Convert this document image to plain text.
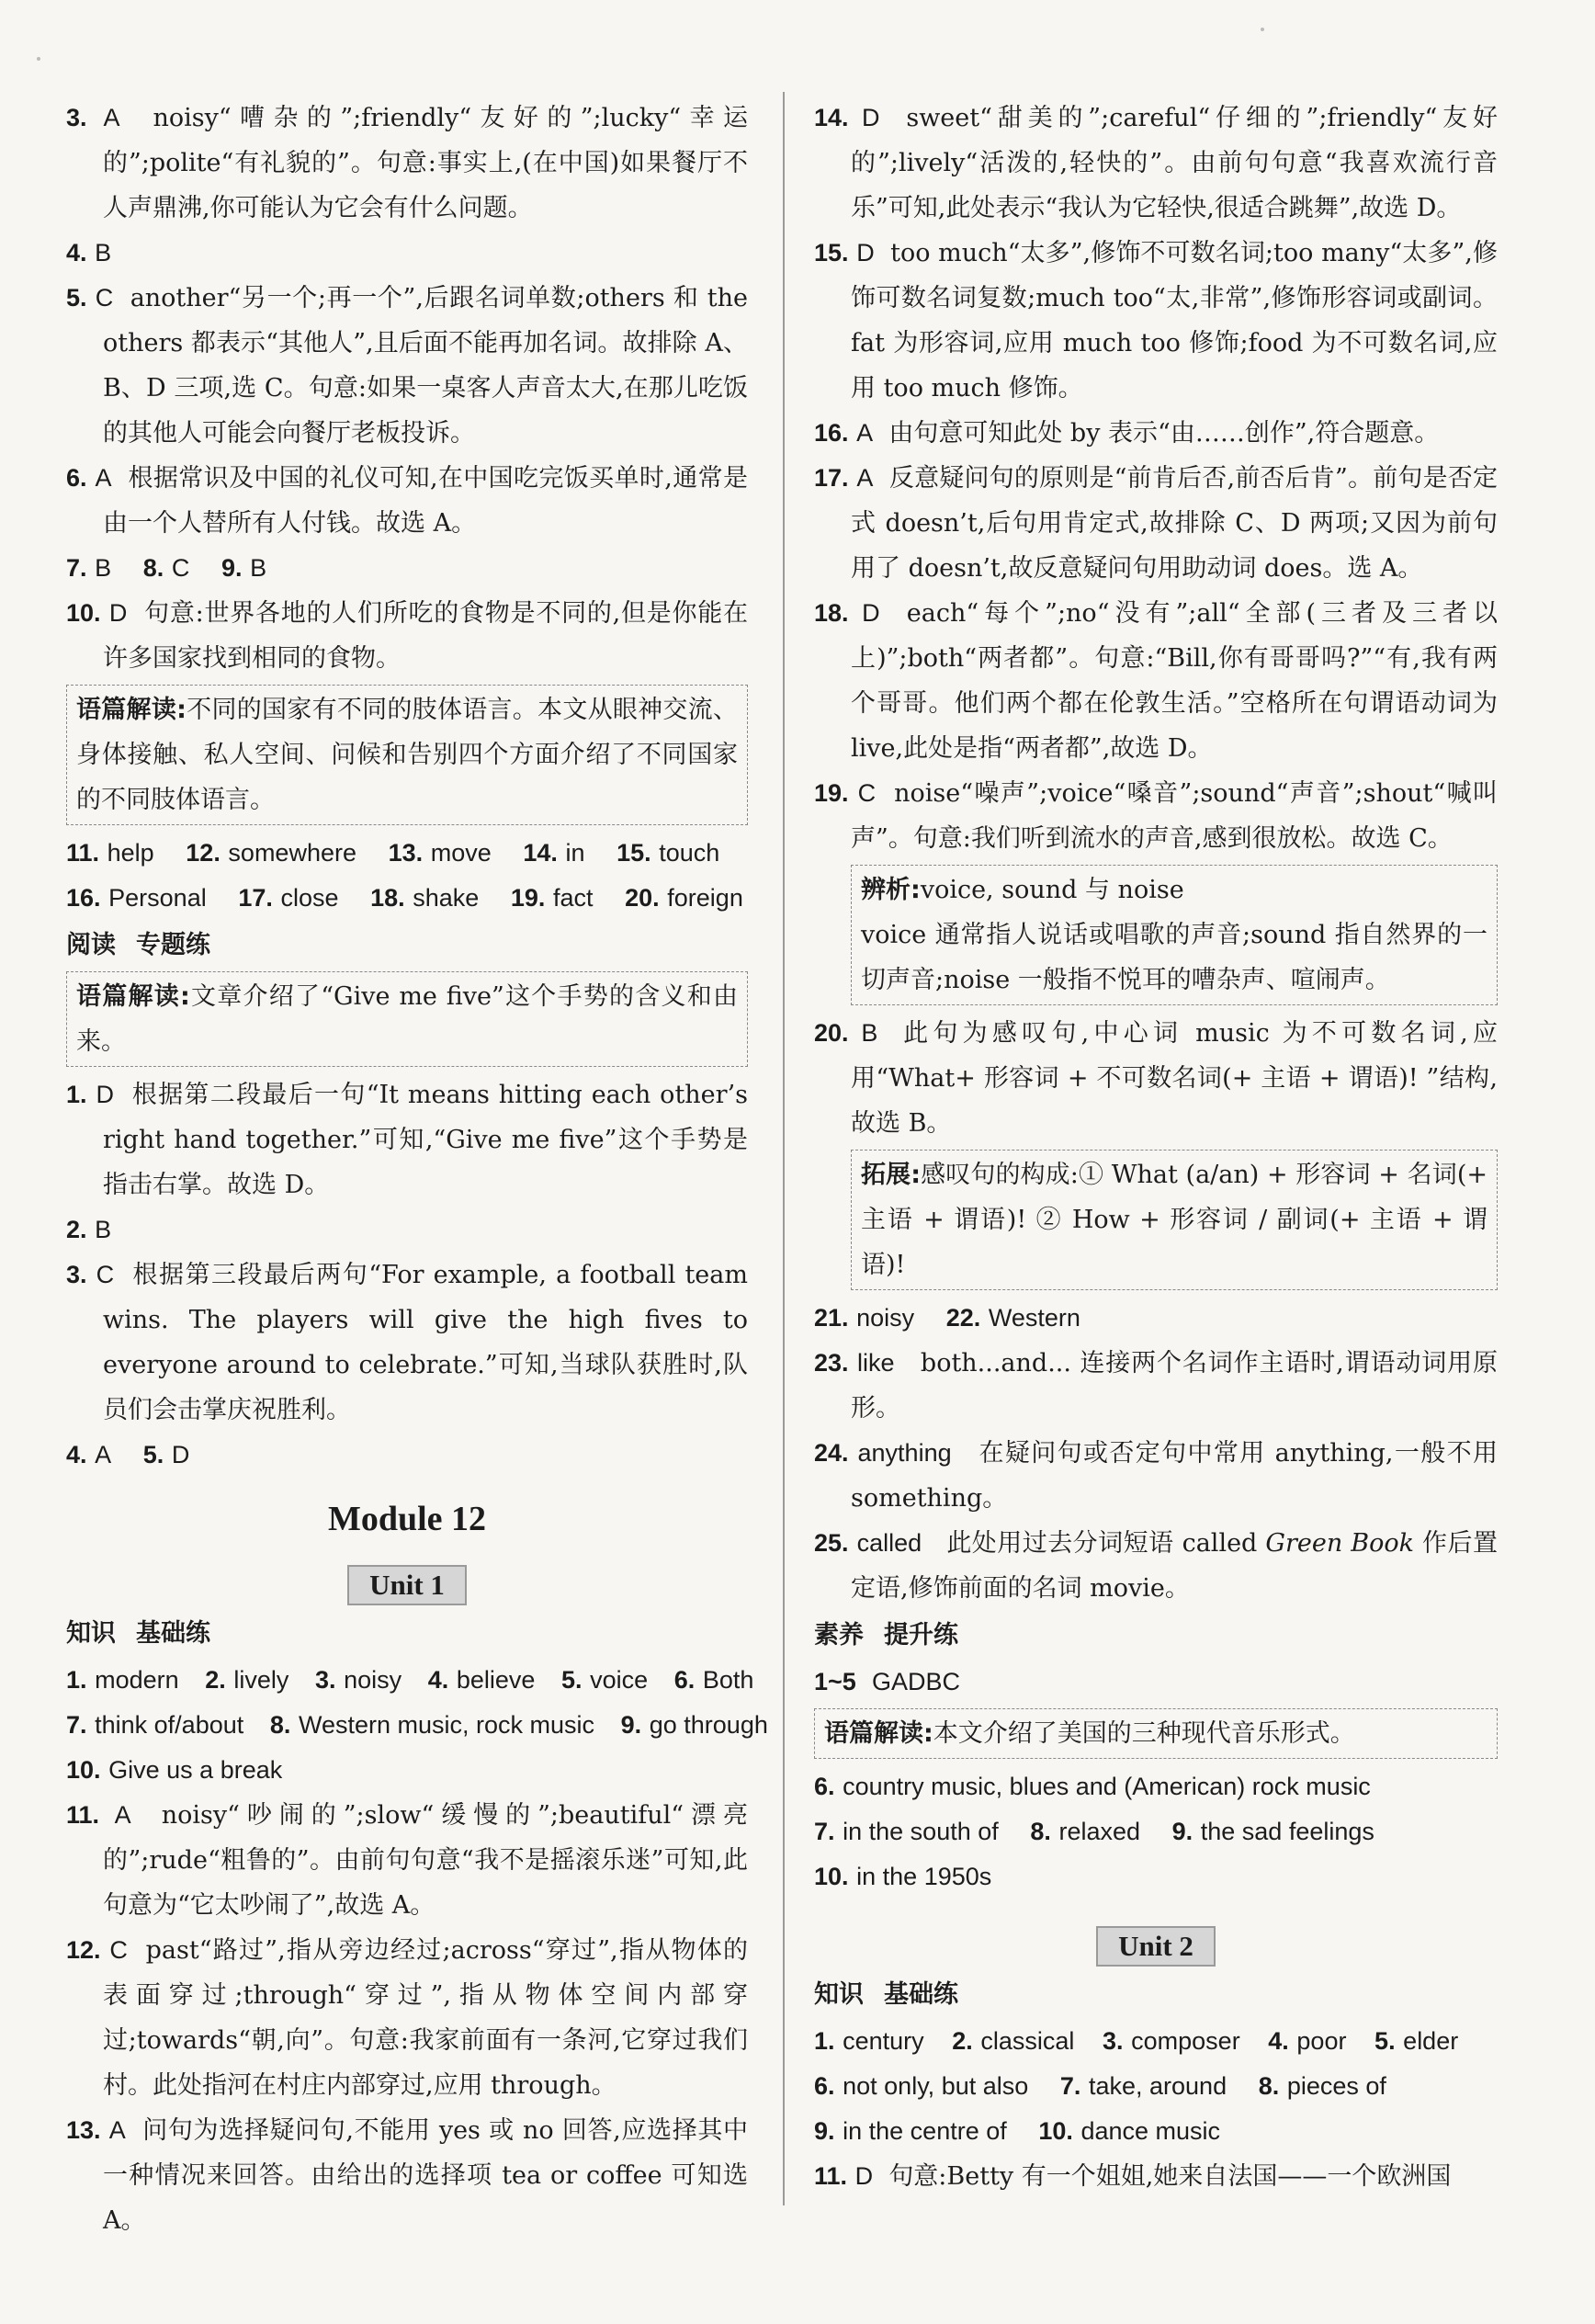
3. A noisy“嘈杂的”;friendly“友好的”;lucky“幸运的”;polite“有礼貌的”。句意:事实上,(在中国)如果餐厅不人声鼎沸,你可能认为它会有什么问题。

4. B

5. C another“另一个;再一个”,后跟名词单数;others 和 the others 都表示“其他人”,且后面不能再加名词。故排除 A、B、D 三项,选 C。句意:如果一桌客人声音太大,在那儿吃饭的其他人可能会向餐厅老板投诉。

6. A 根据常识及中国的礼仪可知,在中国吃完饭买单时,通常是由一个人替所有人付钱。故选 A。

7. B 8. C 9. B

10. D 句意:世界各地的人们所吃的食物是不同的,但是你能在许多国家找到相同的食物。

语篇解读:不同的国家有不同的肢体语言。本文从眼神交流、身体接触、私人空间、问候和告别四个方面介绍了不同国家的不同肢体语言。

11. help 12. somewhere 13. move 14. in 15. touch

16. Personal 17. close 18. shake 19. fact 20. foreign

阅读 专题练

语篇解读:文章介绍了“Give me five”这个手势的含义和由来。

1. D 根据第二段最后一句“It means hitting each other’s right hand together.”可知,“Give me five”这个手势是指击右掌。故选 D。

2. B

3. C 根据第三段最后两句“For example, a football team wins. The players will give the high fives to everyone around to celebrate.”可知,当球队获胜时,队员们会击掌庆祝胜利。

4. A 5. D

Module 12
Unit 1

知识 基础练

1. modern 2. lively 3. noisy 4. believe 5. voice 6. Both

7. think of/about 8. Western music, rock music 9. go through

10. Give us a break

11. A noisy“吵闹的”;slow“缓慢的”;beautiful“漂亮的”;rude“粗鲁的”。由前句句意“我不是摇滚乐迷”可知,此句意为“它太吵闹了”,故选 A。

12. C past“路过”,指从旁边经过;across“穿过”,指从物体的表面穿过;through“穿过”,指从物体空间内部穿过;towards“朝,向”。句意:我家前面有一条河,它穿过我们村。此处指河在村庄内部穿过,应用 through。

13. A 问句为选择疑问句,不能用 yes 或 no 回答,应选择其中一种情况来回答。由给出的选择项 tea or coffee 可知选 A。

14. D sweet“甜美的”;careful“仔细的”;friendly“友好的”;lively“活泼的,轻快的”。由前句句意“我喜欢流行音乐”可知,此处表示“我认为它轻快,很适合跳舞”,故选 D。

15. D too much“太多”,修饰不可数名词;too many“太多”,修饰可数名词复数;much too“太,非常”,修饰形容词或副词。fat 为形容词,应用 much too 修饰;food 为不可数名词,应用 too much 修饰。

16. A 由句意可知此处 by 表示“由……创作”,符合题意。

17. A 反意疑问句的原则是“前肯后否,前否后肯”。前句是否定式 doesn’t,后句用肯定式,故排除 C、D 两项;又因为前句用了 doesn’t,故反意疑问句用助动词 does。选 A。

18. D each“每个”;no“没有”;all“全部(三者及三者以上)”;both“两者都”。句意:“Bill,你有哥哥吗?”“有,我有两个哥哥。他们两个都在伦敦生活。”空格所在句谓语动词为 live,此处是指“两者都”,故选 D。

19. C noise“噪声”;voice“嗓音”;sound“声音”;shout“喊叫声”。句意:我们听到流水的声音,感到很放松。故选 C。

辨析:voice, sound 与 noise
voice 通常指人说话或唱歌的声音;sound 指自然界的一切声音;noise 一般指不悦耳的嘈杂声、喧闹声。

20. B 此句为感叹句,中心词 music 为不可数名词,应用“What+ 形容词 + 不可数名词(+ 主语 + 谓语)! ”结构,故选 B。

拓展:感叹句的构成:① What (a/an) + 形容词 + 名词(+ 主语 + 谓语)! ② How + 形容词 / 副词(+ 主语 + 谓语)!

21. noisy 22. Western

23. like both...and... 连接两个名词作主语时,谓语动词用原形。

24. anything 在疑问句或否定句中常用 anything,一般不用 something。

25. called 此处用过去分词短语 called Green Book 作后置定语,修饰前面的名词 movie。

素养 提升练

1~5 GADBC

语篇解读:本文介绍了美国的三种现代音乐形式。

6. country music, blues and (American) rock music

7. in the south of 8. relaxed 9. the sad feelings

10. in the 1950s

Unit 2

知识 基础练

1. century 2. classical 3. composer 4. poor 5. elder

6. not only, but also 7. take, around 8. pieces of

9. in the centre of 10. dance music

11. D 句意:Betty 有一个姐姐,她来自法国——一个欧洲国
